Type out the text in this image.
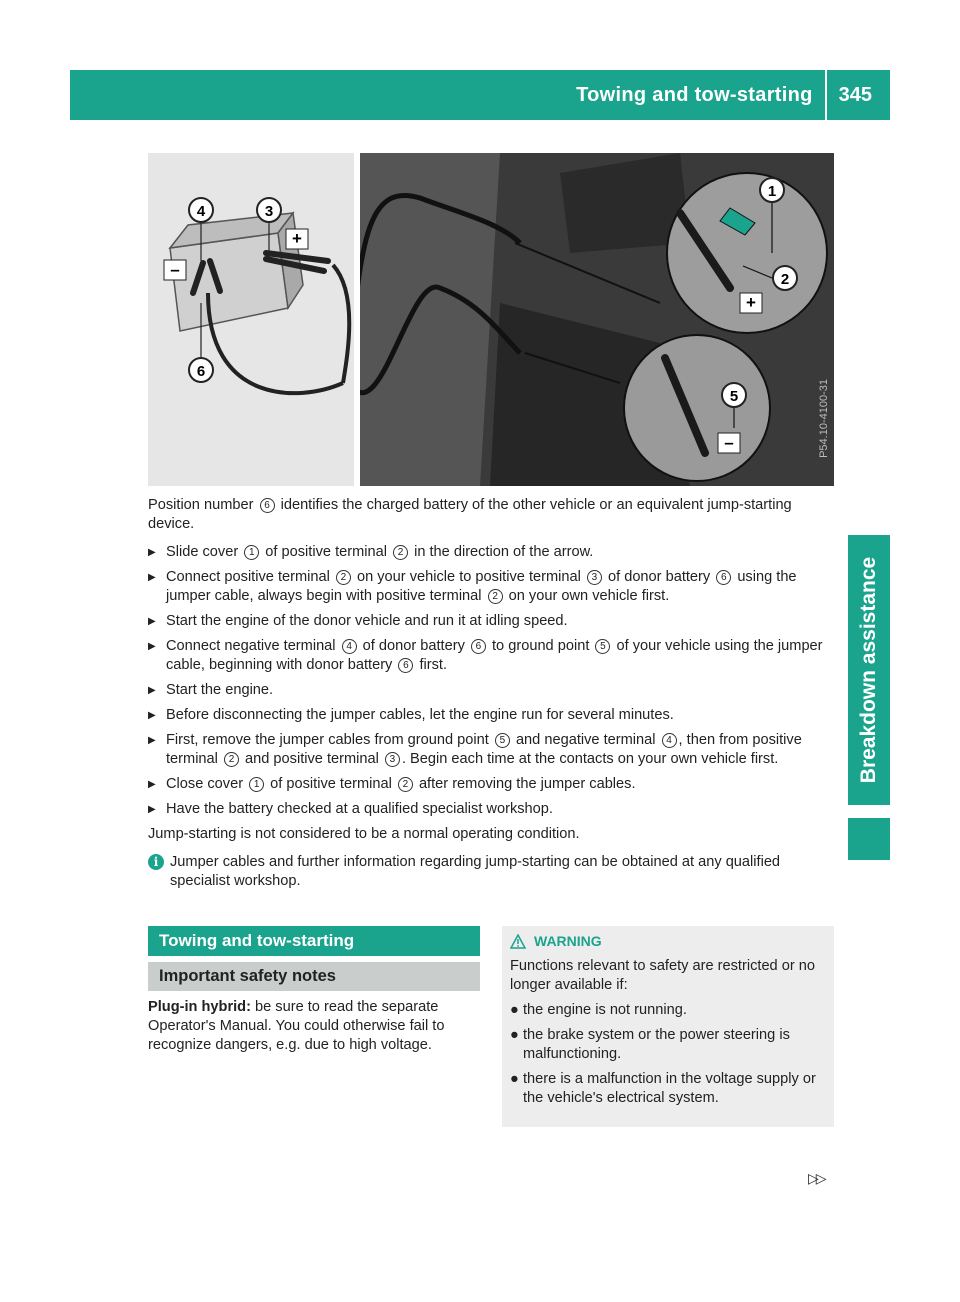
Towing and tow-starting	345
Breakdown assistance
+
–
4	3
6
+
–
1
2
5	P54.10-4100-31

Position number 6 identifies the charged battery of the other vehicle or an equivalent jump-starting device.

▶ Slide cover 1 of positive terminal 2 in the direction of the arrow.
▶ Connect positive terminal 2 on your vehicle to positive terminal 3 of donor battery 6 using the jumper cable, always begin with positive terminal 2 on your own vehicle first.
▶ Start the engine of the donor vehicle and run it at idling speed.
▶ Connect negative terminal 4 of donor battery 6 to ground point 5 of your vehicle using the jumper cable, beginning with donor battery 6 first.
▶ Start the engine.
▶ Before disconnecting the jumper cables, let the engine run for several minutes.
▶ First, remove the jumper cables from ground point 5 and negative terminal 4 , then from positive terminal 2 and positive terminal 3 . Begin each time at the contacts on your own vehicle first.
▶ Close cover 1 of positive terminal 2 after removing the jumper cables.
▶ Have the battery checked at a qualified specialist workshop.

Jump-starting is not considered to be a normal operating condition.

i Jumper cables and further information regarding jump-starting can be obtained at any qualified specialist workshop.
Towing and tow-starting
Important safety notes
Plug-in hybrid: be sure to read the separate Operator's Manual. You could otherwise fail to recognize dangers, e.g. due to high voltage.
WARNING
Functions relevant to safety are restricted or no longer available if:
● the engine is not running.
● the brake system or the power steering is malfunctioning.
● there is a malfunction in the voltage supply or the vehicle's electrical system.
▷▷
